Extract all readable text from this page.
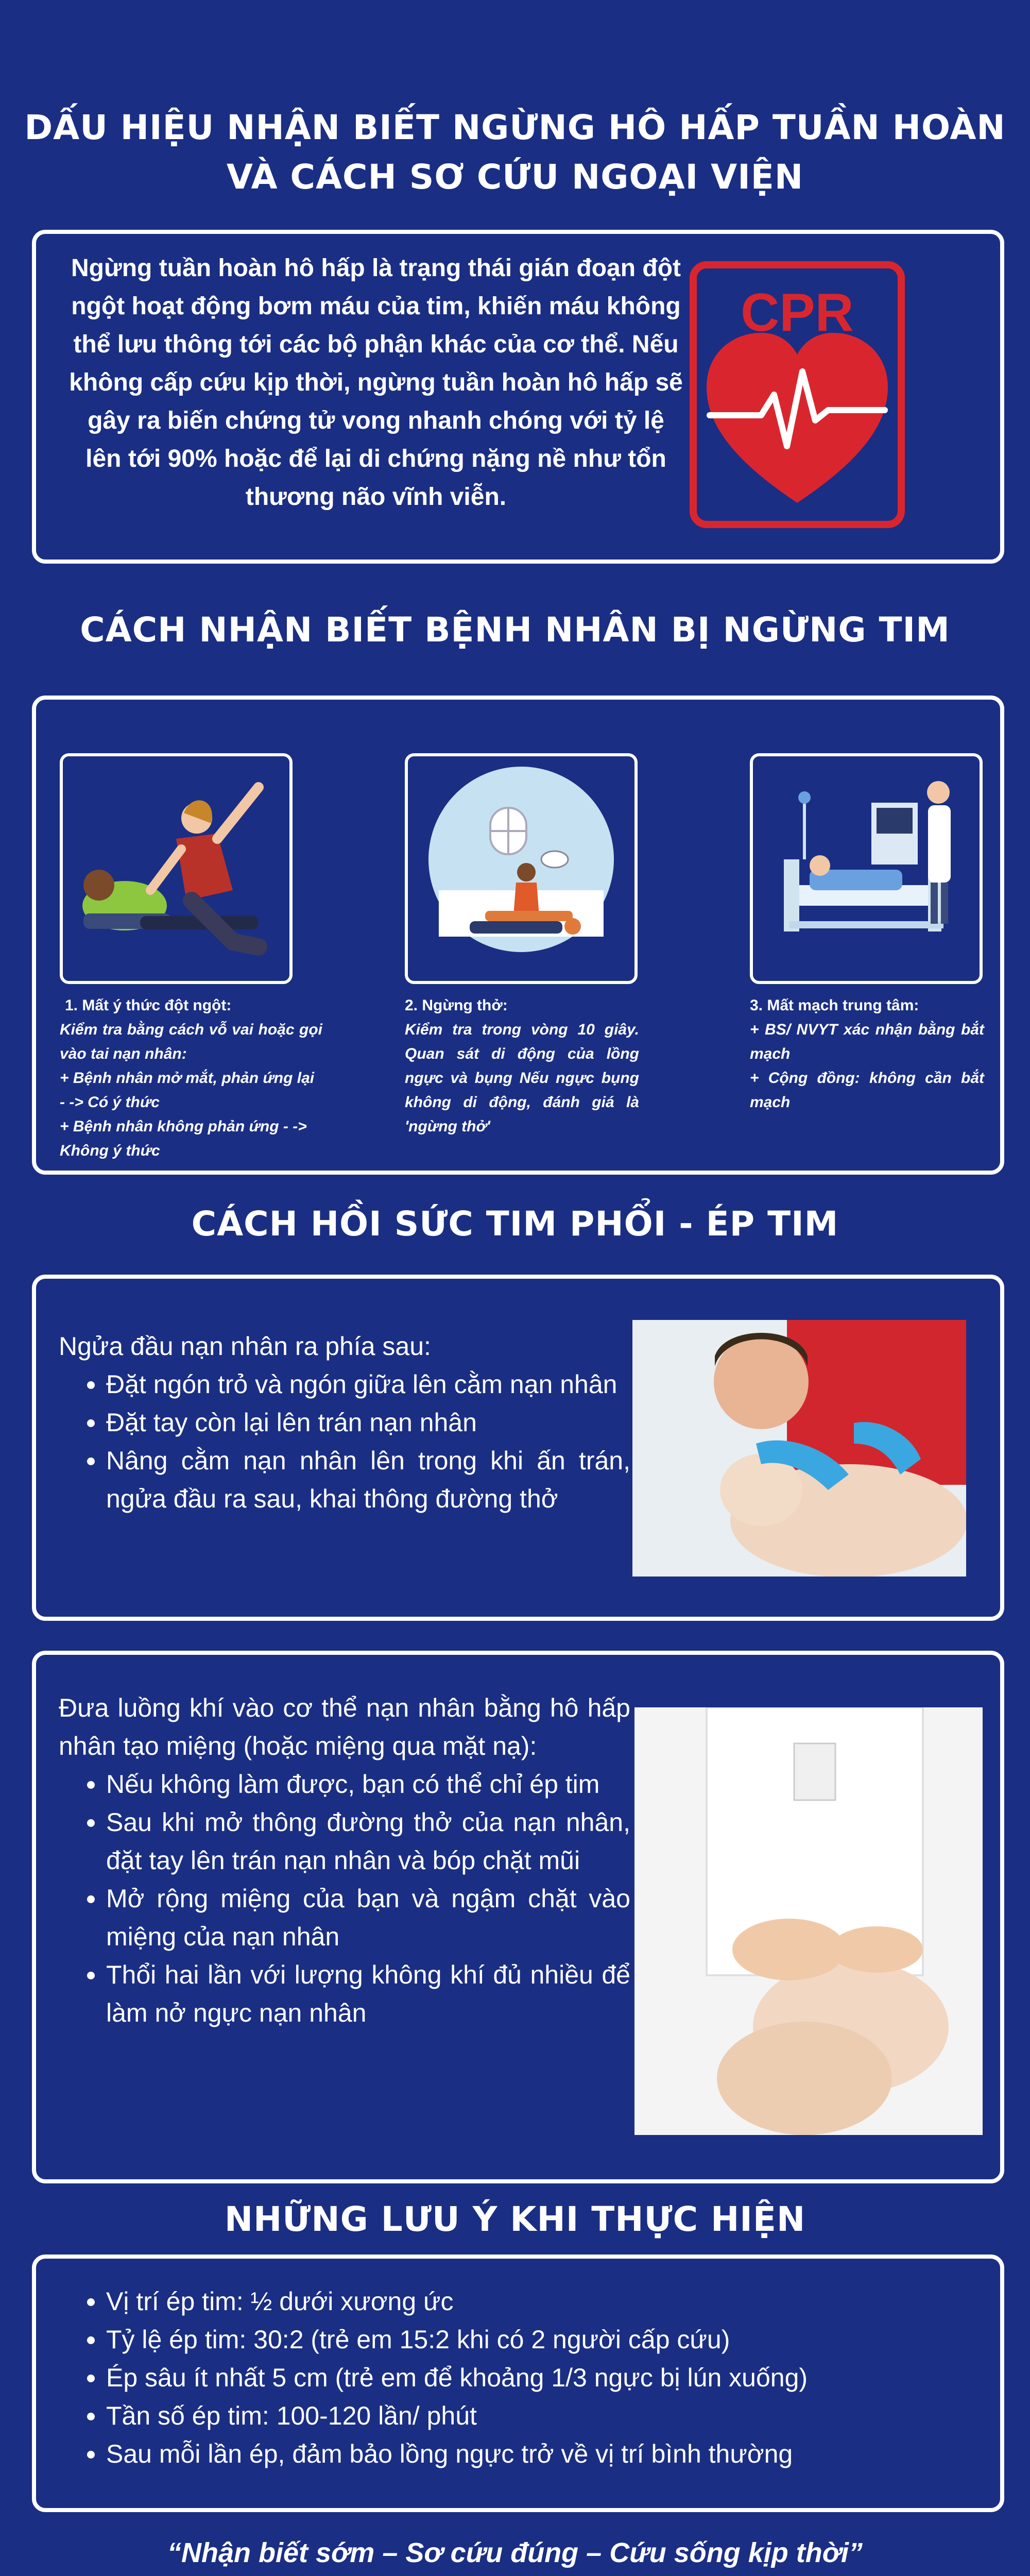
DẤU HIỆU NHẬN BIẾT NGỪNG HÔ HẤP TUẦN HOÀN
VÀ CÁCH SƠ CỨU NGOẠI VIỆN
Ngừng tuần hoàn hô hấp là trạng thái gián đoạn đột ngột hoạt động bơm máu của tim, khiến máu không thể lưu thông tới các bộ phận khác của cơ thể. Nếu không cấp cứu kịp thời, ngừng tuần hoàn hô hấp sẽ gây ra biến chứng tử vong nhanh chóng với tỷ lệ lên tới 90% hoặc để lại di chứng nặng nề như tổn thương não vĩnh viễn.
CPR
CÁCH NHẬN BIẾT BỆNH NHÂN BỊ NGỪNG TIM
1. Mất ý thức đột ngột:
Kiểm tra bằng cách vỗ vai hoặc gọi vào tai nạn nhân:
+ Bệnh nhân mở mắt, phản ứng lại - -> Có ý thức
+ Bệnh nhân không phản ứng - -> Không ý thức
2. Ngừng thở:
Kiểm tra trong vòng 10 giây. Quan sát di động của lồng ngực và bụng Nếu ngực bụng không di động, đánh giá là 'ngừng thở'
3. Mất mạch trung tâm:
+ BS/ NVYT xác nhận bằng bắt mạch
+ Cộng đồng: không cần bắt mạch
CÁCH HỒI SỨC TIM PHỔI - ÉP TIM
Ngửa đầu nạn nhân ra phía sau:
• Đặt ngón trỏ và ngón giữa lên cằm nạn nhân
• Đặt tay còn lại lên trán nạn nhân
• Nâng cằm nạn nhân lên trong khi ấn trán, ngửa đầu ra sau, khai thông đường thở
Đưa luồng khí vào cơ thể nạn nhân bằng hô hấp nhân tạo miệng (hoặc miệng qua mặt nạ):
• Nếu không làm được, bạn có thể chỉ ép tim
• Sau khi mở thông đường thở của nạn nhân, đặt tay lên trán nạn nhân và bóp chặt mũi
• Mở rộng miệng của bạn và ngậm chặt vào miệng của nạn nhân
• Thổi hai lần với lượng không khí đủ nhiều để làm nở ngực nạn nhân
NHỮNG LƯU Ý KHI THỰC HIỆN
• Vị trí ép tim: ½ dưới xương ức
• Tỷ lệ ép tim: 30:2 (trẻ em 15:2 khi có 2 người cấp cứu)
• Ép sâu ít nhất 5 cm (trẻ em để khoảng 1/3 ngực bị lún xuống)
• Tần số ép tim: 100-120 lần/ phút
• Sau mỗi lần ép, đảm bảo lồng ngực trở về vị trí bình thường
“Nhận biết sớm – Sơ cứu đúng – Cứu sống kịp thời”
